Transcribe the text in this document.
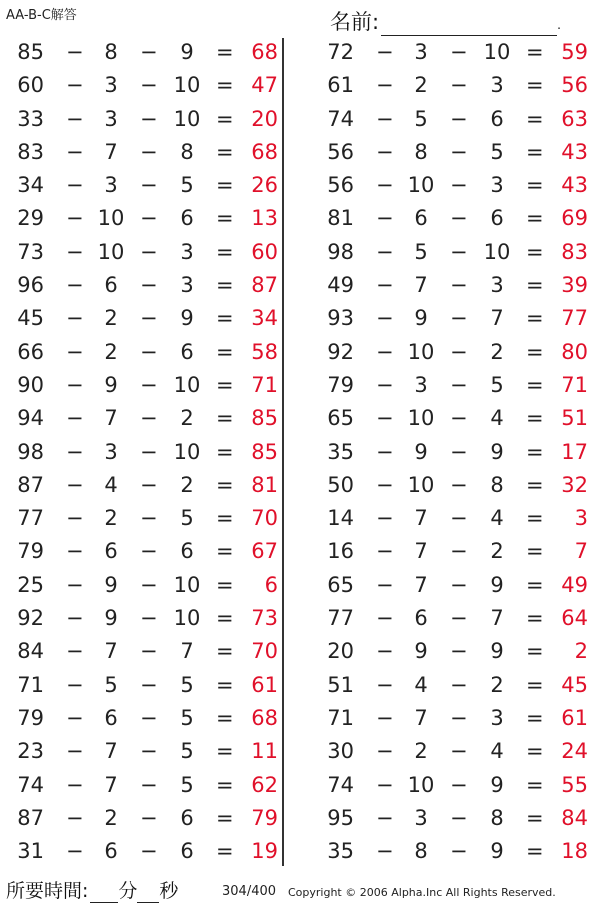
AA-B-C解答	名前:	.
85 − 8	−	9	= 68
60 − 3	− 10 = 47
33 − 3	− 10 = 20
83 − 7	−	8	= 68
34 − 3	−	5	= 26
29 − 10 −	6	= 13
73 − 10 −	3	= 60
96 − 6	−	3	= 87
45 − 2	−	9	= 34
66 − 2	−	6	= 58
90 − 9	− 10 = 71
94 − 7	−	2	= 85
98 − 3	− 10 = 85
87 − 4	−	2	= 81
77 − 2	−	5	= 70
79 − 6	−	6	= 67
25 − 9	− 10 =	6
92 − 9	− 10 = 73
84 − 7	−	7	= 70
71 − 5	−	5	= 61
79 − 6	−	5	= 68
23 − 7	−	5	= 11
74 − 7	−	5	= 62
87 − 2	−	6	= 79
31 − 6	−	6	= 19
72 − 3	− 10 = 59
61 − 2	−	3	= 56
74 − 5	−	6	= 63
56 − 8	−	5	= 43
56 − 10 −	3	= 43
81 − 6	−	6	= 69
98 − 5	− 10 = 83
49 − 7	−	3	= 39
93 − 9	−	7	= 77
92 − 10 −	2	= 80
79 − 3	−	5	= 71
65 − 10 −	4	= 51
35 − 9	−	9	= 17
50 − 10 −	8	= 32
14 − 7	−	4	=	3
16 − 7	−	2	=	7
65 − 7	−	9	= 49
77 − 6	−	7	= 64
20 − 9	−	9	=	2
51 − 4	−	2	= 45
71 − 7	−	3	= 61
30 − 2	−	4	= 24
74 − 10 −	9	= 55
95 − 3	−	8	= 84
35 − 8	−	9	= 18
所要時間: 分 秒	304/400 Copyright © 2006 Alpha.Inc All Rights Reserved.
